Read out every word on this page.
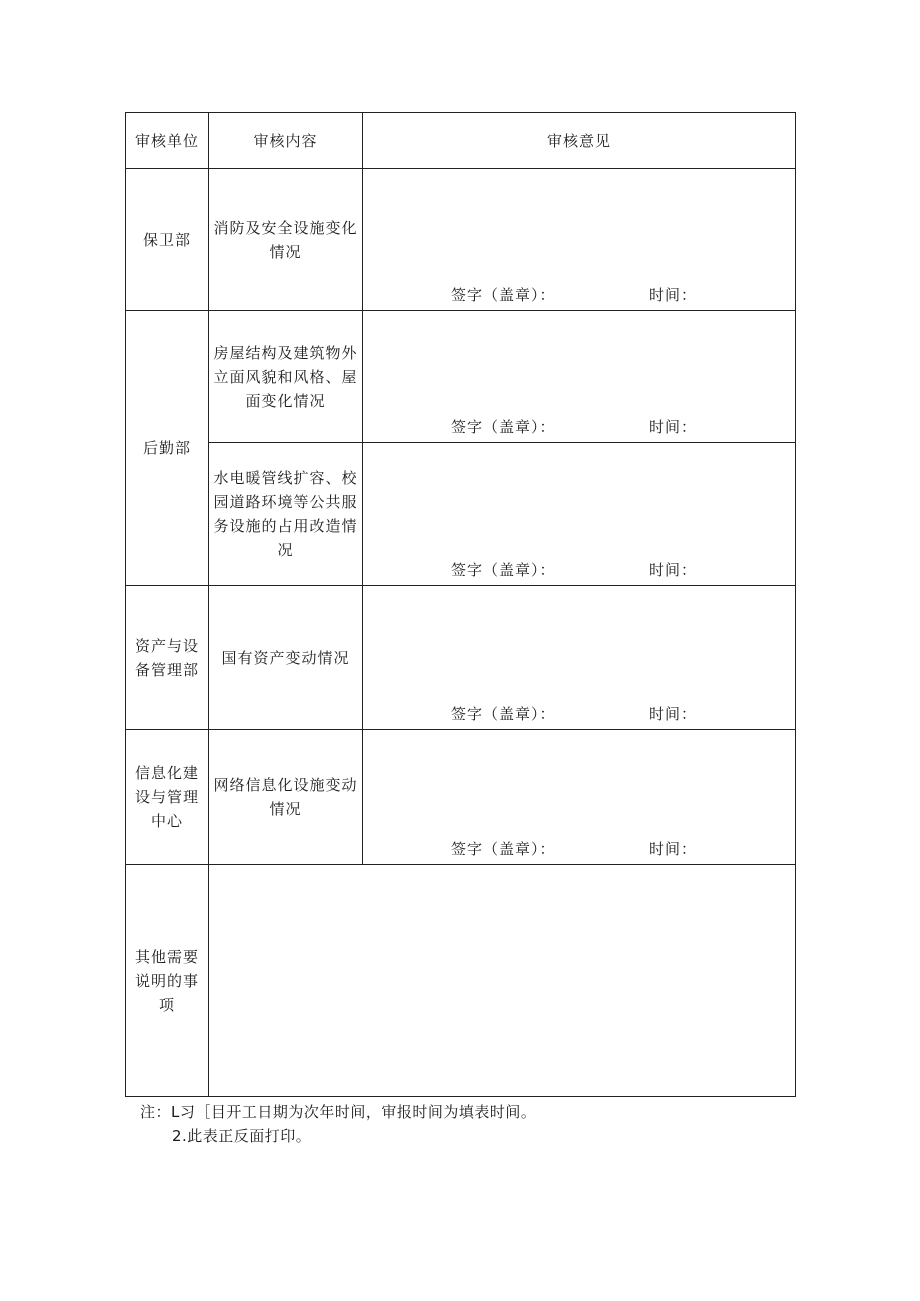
审核单位	审核内容	审核意见
保卫部	消防及安全设施变化情况	签字（盖章）： 时间：

后勤部	房屋结构及建筑物外立面风貌和风格、屋面变化情况	签字（盖章）： 时间：

	水电暖管线扩容、校园道路环境等公共服务设施的占用改造情况	签字（盖章）： 时间：

资产与设备管理部	国有资产变动情况	签字（盖章）： 时间：

信息化建设与管理中心	网络信息化设施变动情况	签字（盖章）： 时间：

其他需要说明的事项		
注：L习［目开工日期为次年时间，审报时间为填表时间。
2.此表正反面打印。
